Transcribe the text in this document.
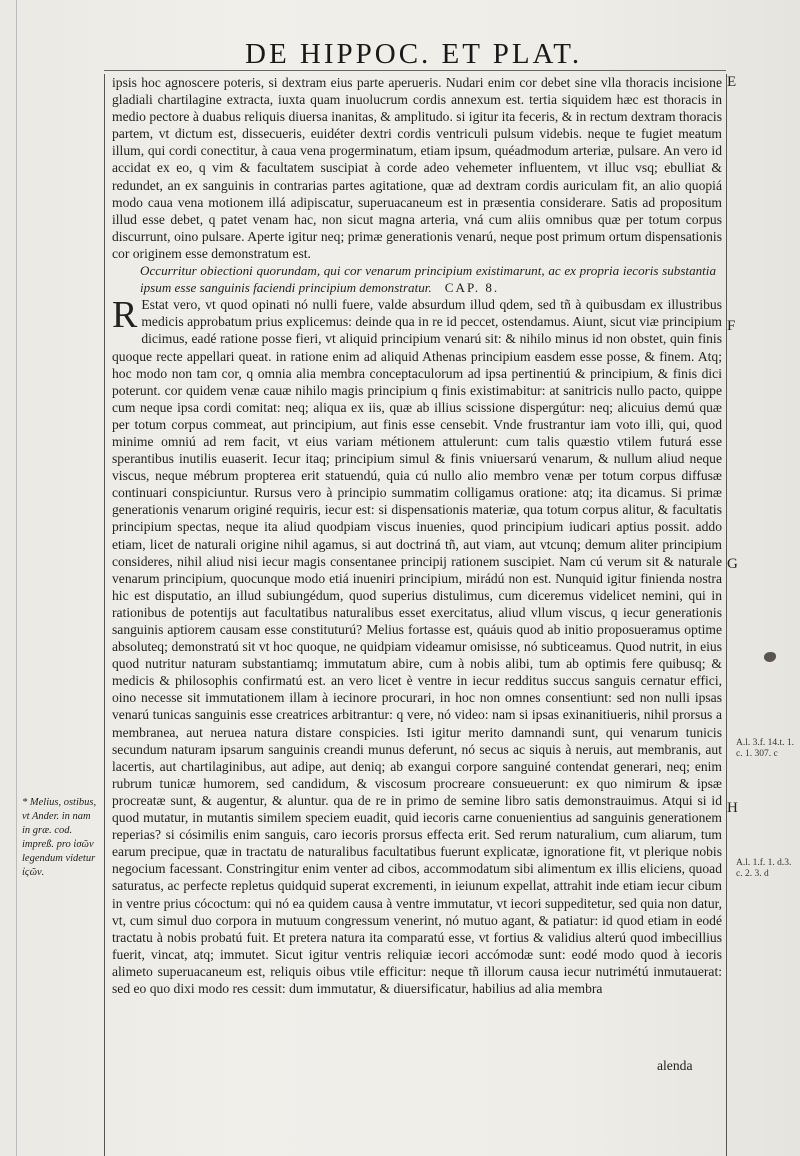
DE HIPPOC. ET PLAT.

ipsis hoc agnoscere poteris, si dextram eius parte aperueris. Nudari enim cor debet sine vlla thoracis incisione gladiali chartilagine extracta, iuxta quam inuolucrum cordis annexum est. tertia siquidem hæc est thoracis in medio pectore à duabus reliquis diuersa inanitas, & amplitudo. si igitur ita feceris, & in rectum dextram thoracis partem, vt dictum est, dissecueris, euidéter dextri cordis ventriculi pulsum videbis. neque te fugiet meatum illum, qui cordi conectitur, à caua vena progerminatum, etiam ipsum, quéadmodum arteriæ, pulsare. An vero id accidat ex eo, q vim & facultatem suscipiat à corde adeo vehemeter influentem, vt illuc vsq; ebulliat & redundet, an ex sanguinis in contrarias partes agitatione, quæ ad dextram cordis auriculam fit, an alio quopiá modo caua vena motionem illá adipiscatur, superuacaneum est in præsentia considerare. Satis ad propositum illud esse debet, q patet venam hac, non sicut magna arteria, vná cum aliis omnibus quæ per totum corpus discurrunt, oino pulsare. Aperte igitur neq; primæ generationis venarú, neque post primum ortum dispensationis cor originem esse demonstratum est.

Occurritur obiectioni quorundam, qui cor venarum principium existimarunt, ac ex propria iecoris substantia ipsum esse sanguinis faciendi principium demonstratur. CAP. 8.

R Estat vero, vt quod opinati nó nulli fuere, valde absurdum illud qdem, sed tñ à quibusdam ex illustribus medicis approbatum prius explicemus: deinde qua in re id peccet, ostendamus. Aiunt, sicut viæ principium dicimus, eadé ratione posse fieri, vt aliquid principium venarú sit: & nihilo minus id non obstet, quin finis quoque recte appellari queat. in ratione enim ad aliquid Athenas principium easdem esse posse, & finem. Atq; hoc modo non tam cor, q omnia alia membra conceptaculorum ad ipsa pertinentiú & principium, & finis dici poterunt. cor quidem venæ cauæ nihilo magis principium q finis existimabitur: at sanitricis nullo pacto, quippe cum neque ipsa cordi comitat: neq; aliqua ex iis, quæ ab illius scissione dispergútur: neq; alicuius demú quæ per totum corpus commeat, aut principium, aut finis esse censebit. Vnde frustrantur iam voto illi, qui, quod minime omniú ad rem facit, vt eius variam métionem attulerunt: cum talis quæstio vtilem futurá esse sperantibus inutilis euaserit. Iecur itaq; principium simul & finis vniuersarú venarum, & nullum aliud neque viscus, neque mébrum propterea erit statuendú, quia cú nullo alio membro venæ per totum corpus diffusæ continuari conspiciuntur. Rursus vero à principio summatim colligamus oratione: atq; ita dicamus. Si primæ generationis venarum originé requiris, iecur est: si dispensationis materiæ, qua totum corpus alitur, & facultatis principium spectas, neque ita aliud quodpiam viscus inuenies, quod principium iudicari aptius possit. addo etiam, licet de naturali origine nihil agamus, si aut doctriná tñ, aut viam, aut vtcunq; demum aliter principium consideres, nihil aliud nisi iecur magis consentanee principij rationem suscipiet. Nam cú verum sit & naturale venarum principium, quocunque modo etiá inueniri principium, mirádú non est. Nunquid igitur finienda nostra hic est disputatio, an illud subiungédum, quod superius distulimus, cum diceremus videlicet nemini, qui in rationibus de potentijs aut facultatibus naturalibus esset exercitatus, aliud vllum viscus, q iecur generationis sanguinis aptiorem causam esse constituturú? Melius fortasse est, quáuis quod ab initio proposueramus optime absoluteq; demonstratú sit vt hoc quoque, ne quidpiam videamur omisisse, nó subticeamus. Quod nutrit, in eius quod nutritur naturam substantiamq; immutatum abire, cum à nobis alibi, tum ab optimis fere quibusq; & medicis & philosophis confirmatú est. an vero licet è ventre in iecur redditus succus sanguis cernatur effici, oino necesse sit immutationem illam à iecinore procurari, in hoc non omnes consentiunt: sed non nulli ipsas venarú tunicas sanguinis esse creatrices arbitrantur: q vere, nó video: nam si ipsas exinanitiueris, nihil prorsus a membranea, aut neruea natura distare conspicies. Isti igitur merito damnandi sunt, qui venarum tunicis secundum naturam ipsarum sanguinis creandi munus deferunt, nó secus ac siquis à neruis, aut membranis, aut lacertis, aut chartilaginibus, aut adipe, aut deniq; ab exangui corpore sanguiné contendat generari, neq; enim rubrum tunicæ humorem, sed candidum, & viscosum procreare consueuerunt: ex quo nimirum & ipsæ procreatæ sunt, & augentur, & aluntur. qua de re in primo de semine libro satis demonstrauimus. Atqui si id quod mutatur, in mutantis similem speciem euadit, quid iecoris carne conuenientius ad sanguinis generationem reperias? si cósimilis enim sanguis, caro iecoris prorsus effecta erit. Sed rerum naturalium, cum aliarum, tum earum precipue, quæ in tractatu de naturalibus facultatibus fuerunt explicatæ, ignoratione fit, vt plerique nobis negocium facessant. Constringitur enim venter ad cibos, accommodatum sibi alimentum ex illis eliciens, quoad saturatus, ac perfecte repletus quidquid superat excrementi, in ieiunum expellat, attrahit inde etiam iecur cibum in ventre prius cócoctum: qui nó ea quidem causa à ventre immutatur, vt iecori suppeditetur, sed quia non datur, vt, cum simul duo corpora in mutuum congressum venerint, nó mutuo agant, & patiatur: id quod etiam in eodé tractatu à nobis probatú fuit. Et pretera natura ita comparatú esse, vt fortius & validius alterú quod imbecillius fuerit, vincat, atq; immutet. Sicut igitur ventris reliquiæ iecori accómodæ sunt: eodé modo quod à iecoris alimeto superuacaneum est, reliquis oibus vtile efficitur: neque tñ illorum causa iecur nutrimétú inmutauerat: sed eo quo dixi modo res cessit: dum immutatur, & diuersificatur, habilius ad alia membra

alenda
E
F
G
H
A.l. 3.f. 14.t. 1. c. 1. 307. c
A.l. 1.f. 1. d.3. c. 2. 3. d
* Melius, ostibus, vt Ander. in nam in græ. cod. impreß. pro ἰσῶν legendum videtur ἰϛῶν.
